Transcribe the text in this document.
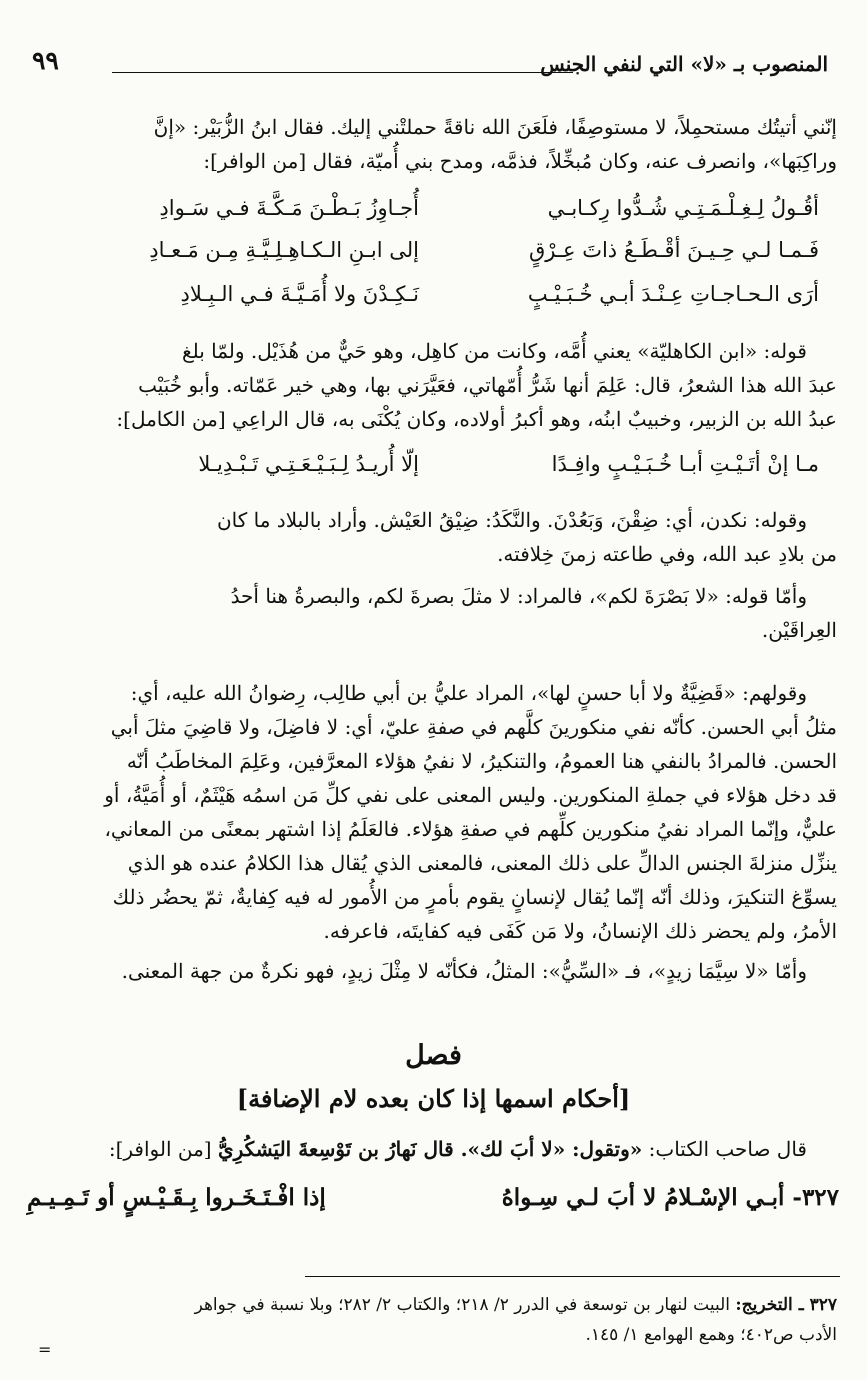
المنصوب بـ «لا» التي لنفي الجنس
٩٩

إنّني أتيتُك مستحمِلاً، لا مستوصِفًا، فلَعَنَ الله ناقةً حملتْني إليك. فقال ابنُ الزُّبَيْر: «إنَّ

وراكِبَها»، وانصرف عنه، وكان مُبخِّلاً، فذمَّه، ومدح بني أُميّة، فقال [من الوافر]:

أقُـولُ لِـغِـلْـمَـتِـي شُـدُّوا رِكـابـي
أُجـاوِزُ بَـطْـنَ مَـكَّـةَ فـي سَـوادِ
فَـمـا لـي حِـيـنَ أقْـطَـعُ ذاتَ عِـرْقٍ
إلى ابـنِ الـكـاهِـلِـيَّـةِ مِـن مَـعـادِ
أرَى الـحـاجـاتِ عِـنْـدَ أبـي خُـبَـيْـبٍ
نَـكِـدْنَ ولا أُمَـيَّـةَ فـي الـبِـلادِ

قوله: «ابن الكاهليّة» يعني أُمَّه، وكانت من كاهِل، وهو حَيٌّ من هُذَيْل. ولمّا بلغ

عبدَ الله هذا الشعرُ، قال: عَلِمَ أنها شَرُّ أُمّهاتي، فعَيَّرَني بها، وهي خير عَمّاته. وأبو خُبَيْب

عبدُ الله بن الزبير، وخبيبٌ ابنُه، وهو أكبرُ أولاده، وكان يُكْنَى به، قال الراعِي [من الكامل]:

مـا إنْ أتَـيْـتِ أبـا خُـبَـيْـبٍ وافِـدًا
إلّا أُريـدُ لِـبَـيْـعَـتِـي تَـبْـدِيـلا

وقوله: نكدن، أي: ضِقْنَ، وَبَعُدْنَ. والنَّكَدُ: ضِيْقُ العَيْش. وأراد بالبلاد ما كان

من بلادِ عبد الله، وفي طاعته زمنَ خِلافته.

وأمّا قوله: «لا بَصْرَةَ لكم»، فالمراد: لا مثلَ بصرةَ لكم، والبصرةُ هنا أحدُ

العِراقَيْن.

وقولهم: «قَضِيَّةٌ ولا أبا حسنٍ لها»، المراد عليُّ بن أبي طالِب، رِضوانُ الله عليه، أي:

مثلُ أبي الحسن. كأنّه نفي منكورينَ كلَّهم في صفةِ عليّ، أي: لا فاضِلَ، ولا قاضِيَ مثلَ أبي

الحسن. فالمرادُ بالنفي هنا العمومُ، والتنكيرُ، لا نفيُ هؤلاء المعرَّفين، وعَلِمَ المخاطَبُ أنّه

قد دخل هؤلاء في جملةِ المنكورين. وليس المعنى على نفي كلِّ مَن اسمُه هَيْثَمٌ، أو أُمَيَّةُ، أو

عليٌّ، وإنّما المراد نفيُ منكورين كلِّهم في صفةِ هؤلاء. فالعَلَمُ إذا اشتهر بمعنًى من المعاني،

ينزِّل منزلةَ الجنس الدالِّ على ذلك المعنى، فالمعنى الذي يُقال هذا الكلامُ عنده هو الذي

يسوِّغ التنكيرَ، وذلك أنّه إنّما يُقال لإنسانٍ يقوم بأمرٍ من الأُمور له فيه كِفايةٌ، ثمّ يحضُر ذلك

الأمرُ، ولم يحضر ذلك الإنسانُ، ولا مَن كَفَى فيه كفايتَه، فاعرفه.

وأمّا «لا سِيَّمَا زيدٍ»، فـ «السِّيُّ»: المثلُ، فكأنّه لا مِثْلَ زيدٍ، فهو نكرةٌ من جهة المعنى.

فصل
[أحكام اسمها إذا كان بعده لام الإضافة]

قال صاحب الكتاب: «وتقول: «لا أبَ لك». قال نَهارُ بن تَوْسِعةَ اليَشكُرِيُّ [من الوافر]:

٣٢٧- أبـي الإسْـلامُ لا أبَ لـي سِـواهُ
إذا افْـتَـخَـروا بِـقَـيْـسٍ أو تَـمِـيـمِ

٣٢٧ ـ التخريج: البيت لنهار بن توسعة في الدرر ٢/ ٢١٨؛ والكتاب ٢/ ٢٨٢؛ وبلا نسبة في جواهر

الأدب ص٤٠٢؛ وهمع الهوامع ١/ ١٤٥.

=
